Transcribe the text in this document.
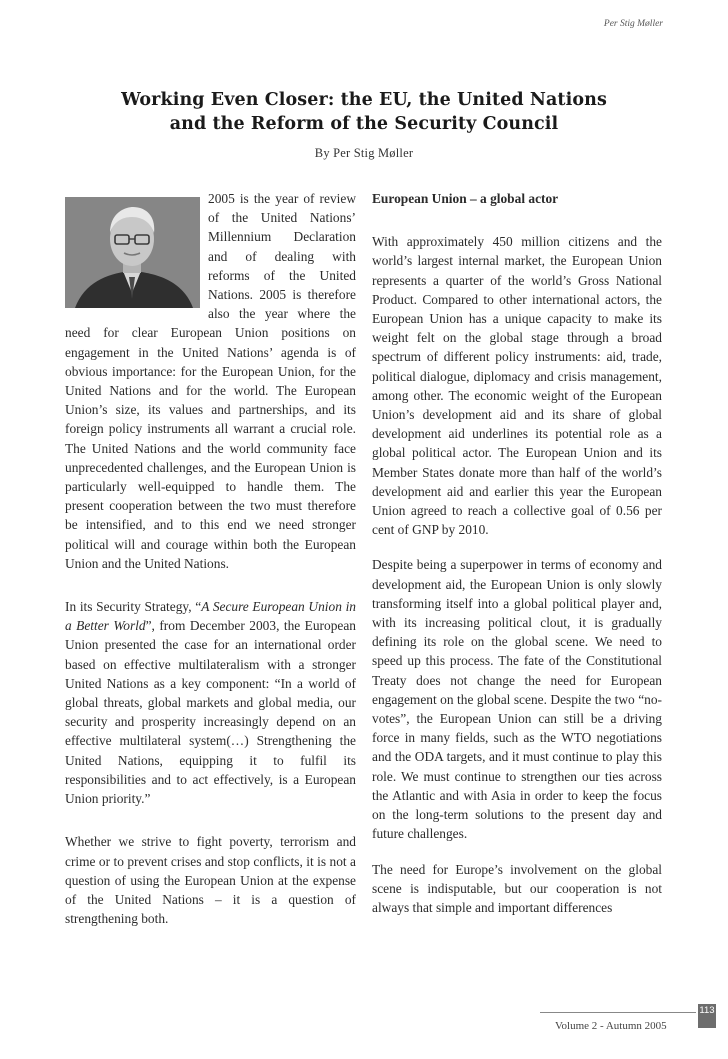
Per Stig Møller
Working Even Closer: the EU, the United Nations
and the Reform of the Security Council
By Per Stig Møller

2005 is the year of review of the United Nations’ Millennium Declaration and of dealing with reforms of the United Nations. 2005 is therefore also the year where the need for clear European Union positions on engagement in the United Nations’ agenda is of obvious importance: for the European Union, for the United Nations and for the world. The European Union’s size, its values and partnerships, and its foreign policy instruments all warrant a crucial role. The United Nations and the world community face unprecedented challenges, and the European Union is particularly well-equipped to handle them. The present cooperation between the two must therefore be intensified, and to this end we need stronger political will and courage within both the European Union and the United Nations.

In its Security Strategy, “A Secure European Union in a Better World”, from December 2003, the European Union presented the case for an international order based on effective multilateralism with a stronger United Nations as a key component: “In a world of global threats, global markets and global media, our security and prosperity increasingly depend on an effective multilateral system(…) Strengthening the United Nations, equipping it to fulfil its responsibilities and to act effectively, is a European Union priority.”

Whether we strive to fight poverty, terrorism and crime or to prevent crises and stop conflicts, it is not a question of using the European Union at the expense of the United Nations – it is a question of strengthening both.

European Union – a global actor

With approximately 450 million citizens and the world’s largest internal market, the European Union represents a quarter of the world’s Gross National Product. Compared to other international actors, the European Union has a unique capacity to make its weight felt on the global stage through a broad spectrum of different policy instruments: aid, trade, political dialogue, diplomacy and crisis management, among other. The economic weight of the European Union’s development aid and its share of global development aid underlines its potential role as a global political actor. The European Union and its Member States donate more than half of the world’s development aid and earlier this year the European Union agreed to reach a collective goal of 0.56 per cent of GNP by 2010.

Despite being a superpower in terms of economy and development aid, the European Union is only slowly transforming itself into a global political player and, with its increasing political clout, it is gradually defining its role on the global scene. We need to speed up this process. The fate of the Constitutional Treaty does not change the need for European engagement on the global scene. Despite the two “no-votes”, the European Union can still be a driving force in many fields, such as the WTO negotiations and the ODA targets, and it must continue to play this role. We must continue to strengthen our ties across the Atlantic and with Asia in order to keep the focus on the long-term solutions to the present day and future challenges.

The need for Europe’s involvement on the global scene is indisputable, but our cooperation is not always that simple and important differences

113
Volume 2 - Autumn 2005
